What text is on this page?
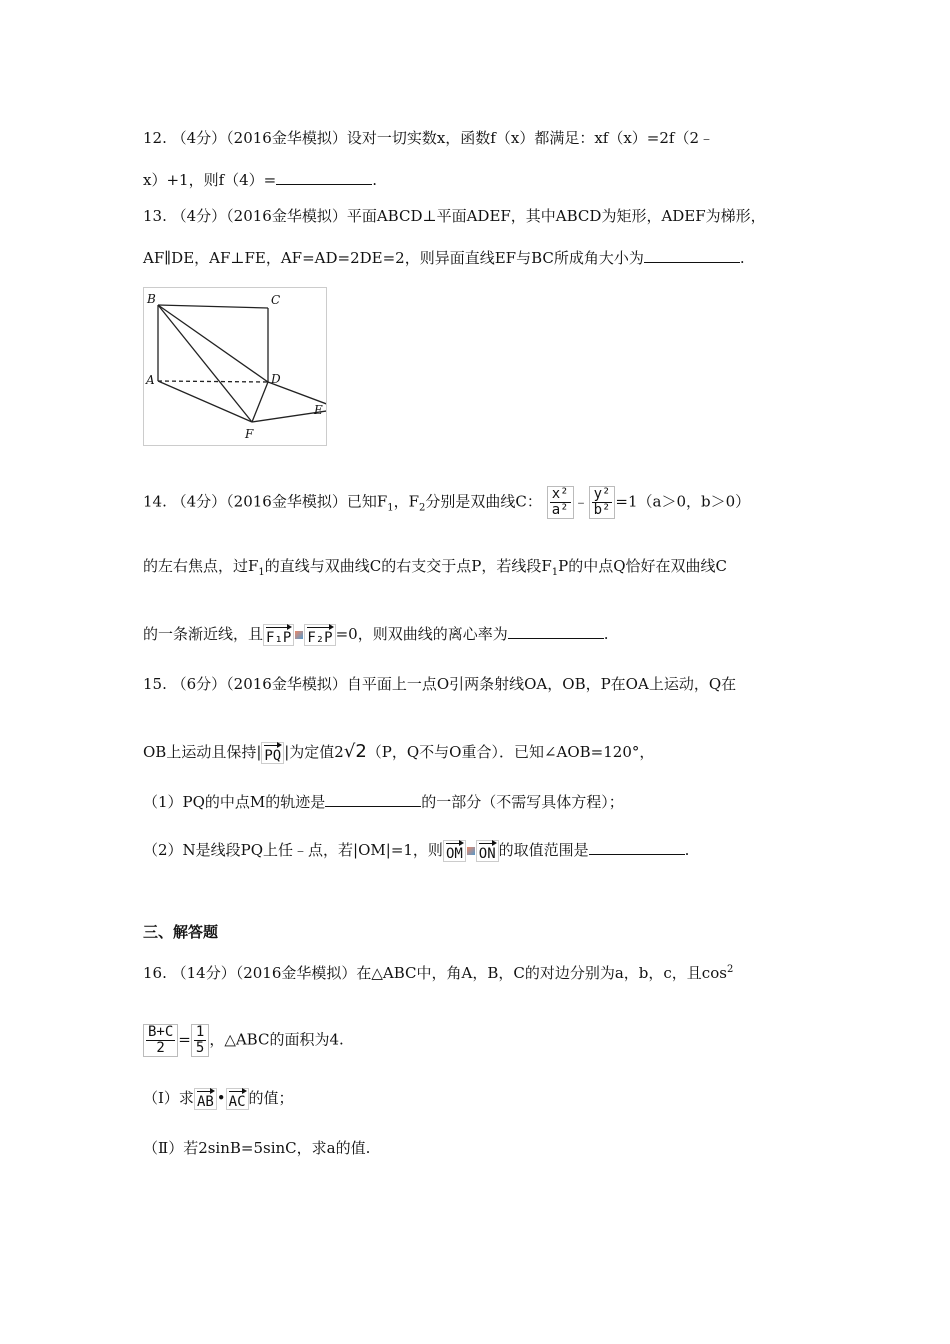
12. （4分）（2016金华模拟）设对一切实数x，函数f（x）都满足：xf（x）=2f（2﹣
x）+1，则f（4）=	.
13. （4分）（2016金华模拟）平面ABCD⊥平面ADEF，其中ABCD为矩形，ADEF为梯形，
AF∥DE，AF⊥FE，AF=AD=2DE=2，则异面直线EF与BC所成角大小为	.
B	C
A	D
E
F
14. （4分）（2016金华模拟）已知$F_1$，$F_2$分别是双曲线C： $\frac{\text{x²}}{\text{a²}}$ ﹣ $\frac{\text{y²}}{\text{b²}} =1(a>0$，b＞0）
的左右焦点，过$F_1$的直线与双曲线C的右支交于点P，若线段$F_1P$的中点Q恰好在双曲线C
的一条渐近线，且 F₁P F₂P =0，则双曲线的离心率为	.
15. （6分）（2016金华模拟）自平面上一点O引两条射线OA，OB，P在OA上运动，Q在
OB上运动且保持| PQ |为定值2√2（P，Q不与O重合）．已知∠AOB=120°，
（1）PQ的中点M的轨迹是	的一部分（不需写具体方程）；
（2）N是线段PQ上任﹣点，若|OM|=1，则 OM ON 的取值范围是	.
三、解答题
16. （14分）（2016金华模拟）在△ABC中，角A，B，C的对边分别为a，b，c，且$\cos^2$
$\frac{B+C}{2} = \frac{1}{5}$ ，△ABC的面积为4.
（Ⅰ）求 AB • AC 的值；
（Ⅱ）若2sinB=5sinC，求a的值.
